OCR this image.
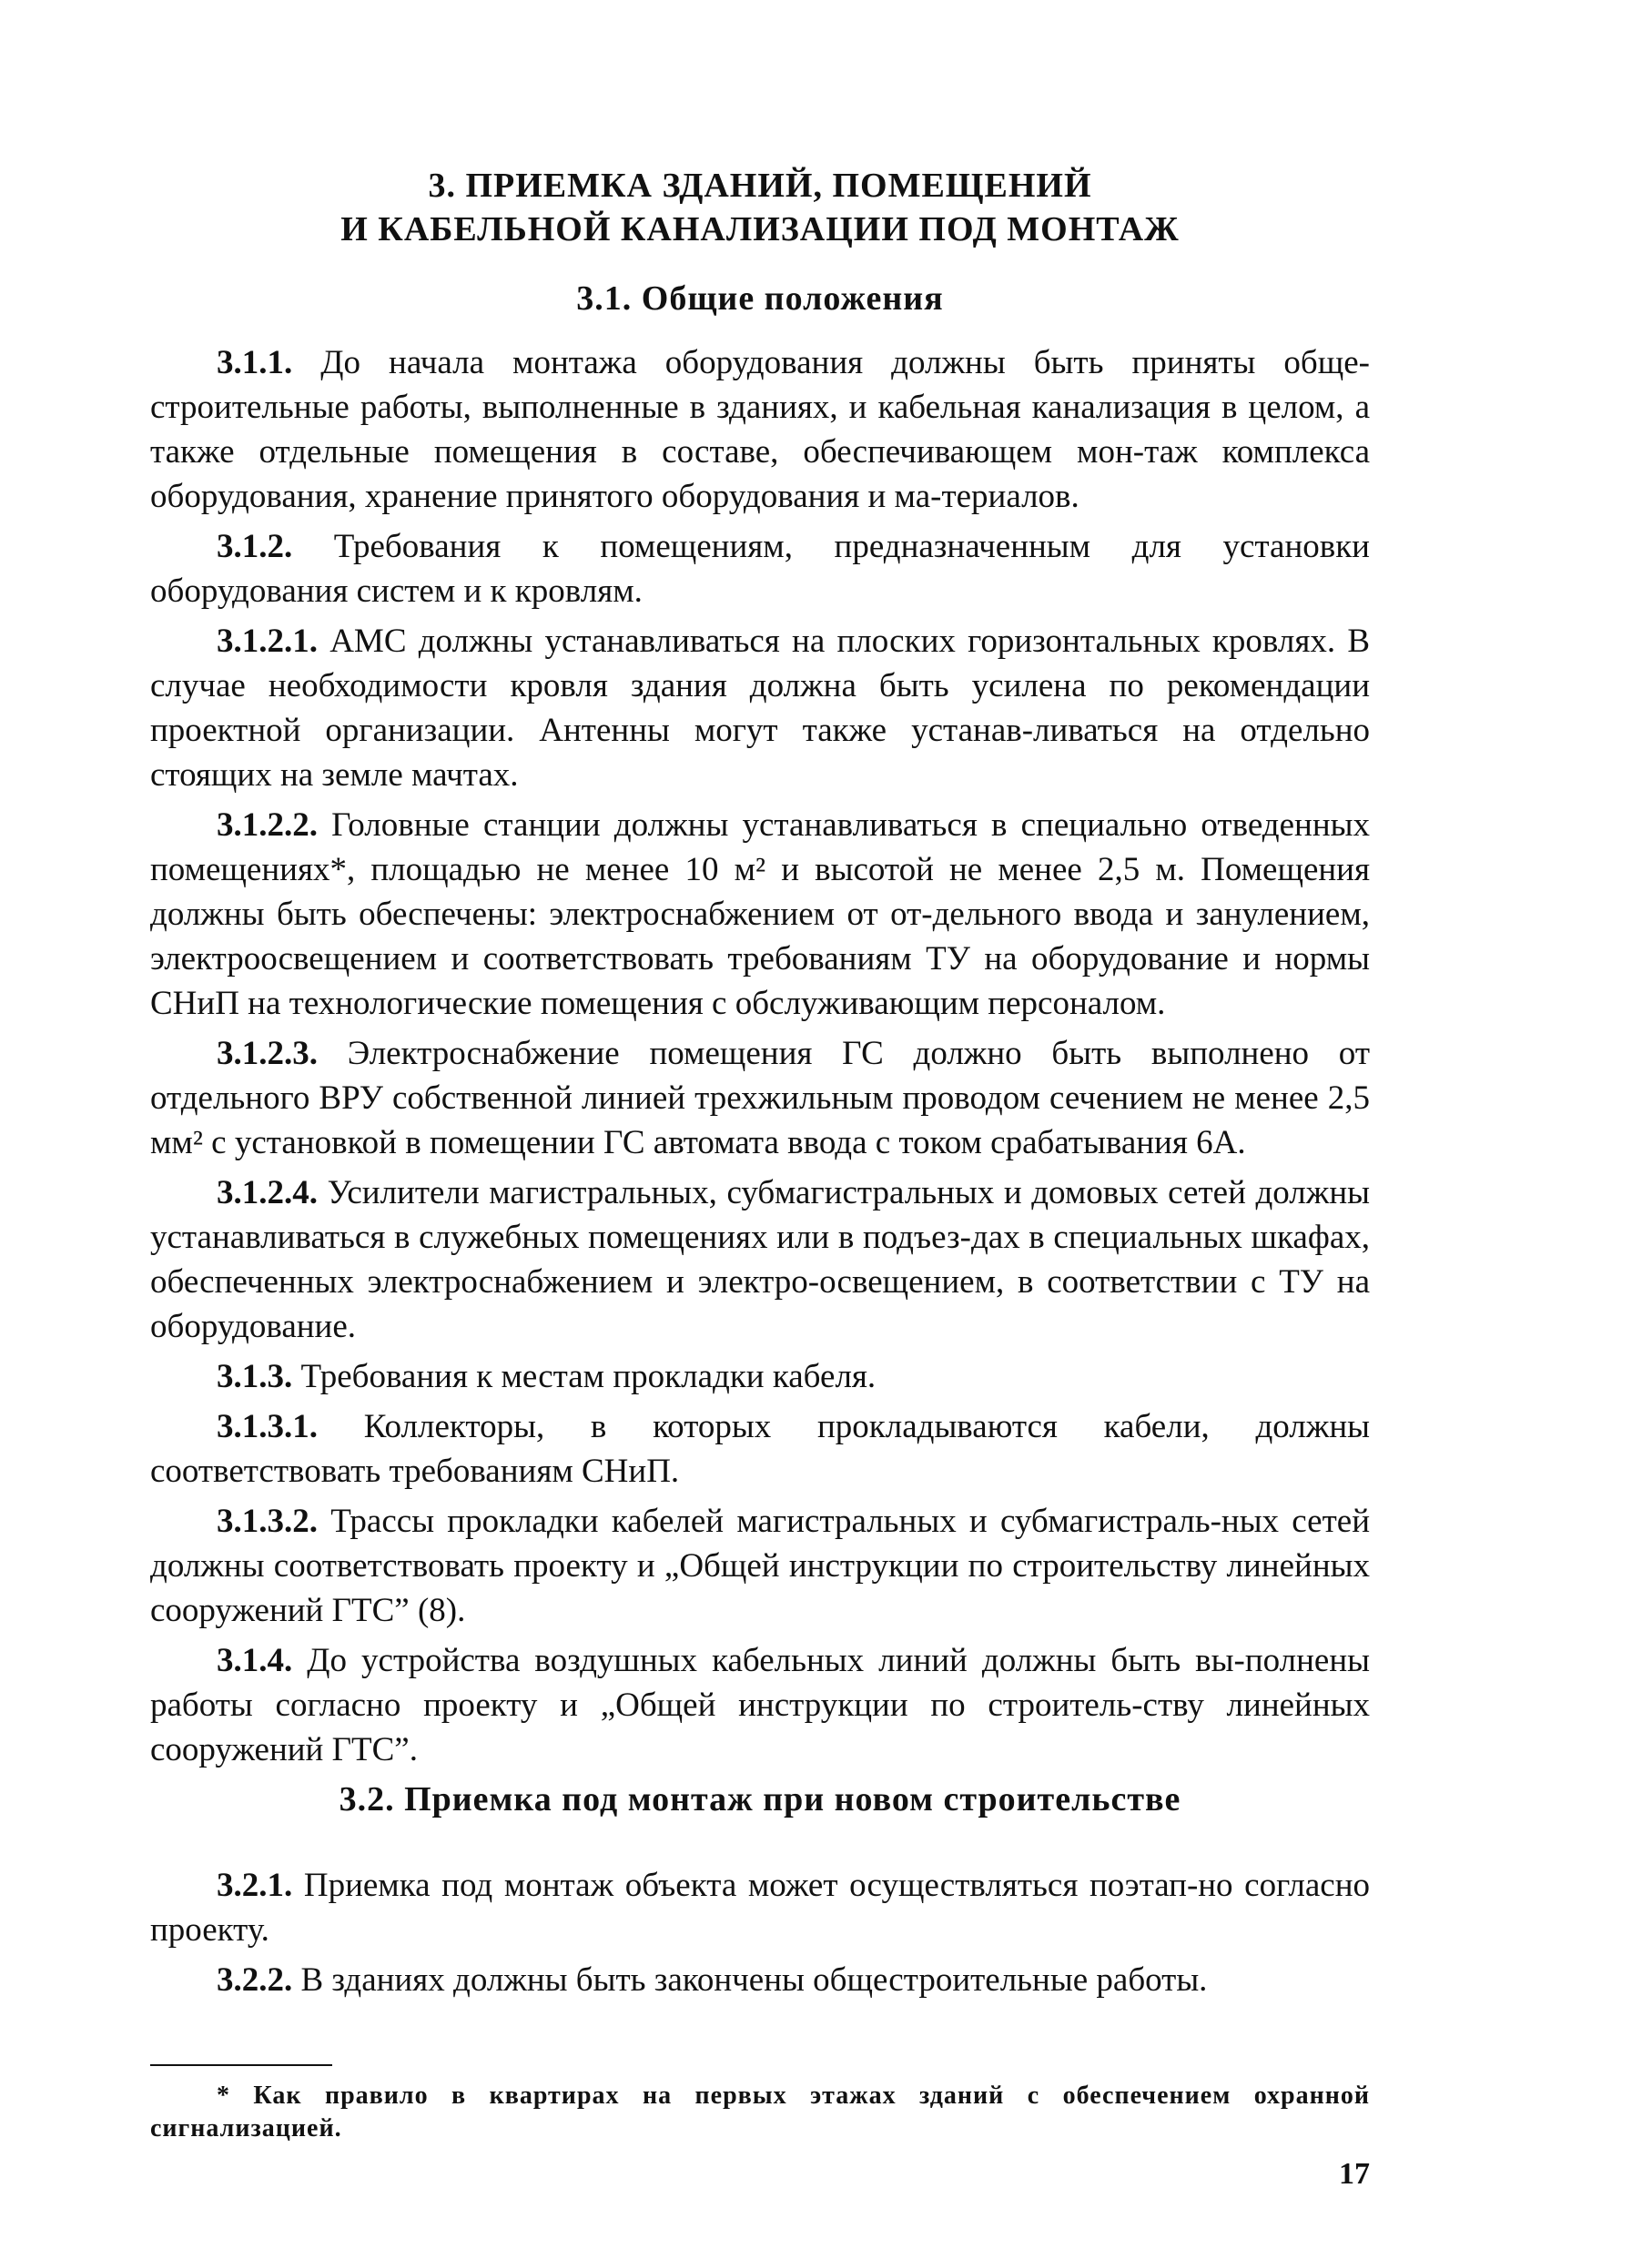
3. ПРИЕМКА ЗДАНИЙ, ПОМЕЩЕНИЙ
И КАБЕЛЬНОЙ КАНАЛИЗАЦИИ ПОД МОНТАЖ
3.1. Общие положения

3.1.1. До начала монтажа оборудования должны быть приняты обще-строительные работы, выполненные в зданиях, и кабельная канализация в целом, а также отдельные помещения в составе, обеспечивающем мон-таж комплекса оборудования, хранение принятого оборудования и ма-териалов.

3.1.2. Требования к помещениям, предназначенным для установки оборудования систем и к кровлям.

3.1.2.1. АМС должны устанавливаться на плоских горизонтальных кровлях. В случае необходимости кровля здания должна быть усилена по рекомендации проектной организации. Антенны могут также устанав-ливаться на отдельно стоящих на земле мачтах.

3.1.2.2. Головные станции должны устанавливаться в специально отведенных помещениях*, площадью не менее 10 м² и высотой не менее 2,5 м. Помещения должны быть обеспечены: электроснабжением от от-дельного ввода и занулением, электроосвещением и соответствовать требованиям ТУ на оборудование и нормы СНиП на технологические помещения с обслуживающим персоналом.

3.1.2.3. Электроснабжение помещения ГС должно быть выполнено от отдельного ВРУ собственной линией трехжильным проводом сечением не менее 2,5 мм² с установкой в помещении ГС автомата ввода с током срабатывания 6А.

3.1.2.4. Усилители магистральных, субмагистральных и домовых сетей должны устанавливаться в служебных помещениях или в подъез-дах в специальных шкафах, обеспеченных электроснабжением и электро-освещением, в соответствии с ТУ на оборудование.

3.1.3. Требования к местам прокладки кабеля.

3.1.3.1. Коллекторы, в которых прокладываются кабели, должны соответствовать требованиям СНиП.

3.1.3.2. Трассы прокладки кабелей магистральных и субмагистраль-ных сетей должны соответствовать проекту и „Общей инструкции по строительству линейных сооружений ГТС” (8).

3.1.4. До устройства воздушных кабельных линий должны быть вы-полнены работы согласно проекту и „Общей инструкции по строитель-ству линейных сооружений ГТС”.

3.2. Приемка под монтаж при новом строительстве

3.2.1. Приемка под монтаж объекта может осуществляться поэтап-но согласно проекту.

3.2.2. В зданиях должны быть закончены общестроительные работы.

* Как правило в квартирах на первых этажах зданий с обеспечением охранной сигнализацией.

17
